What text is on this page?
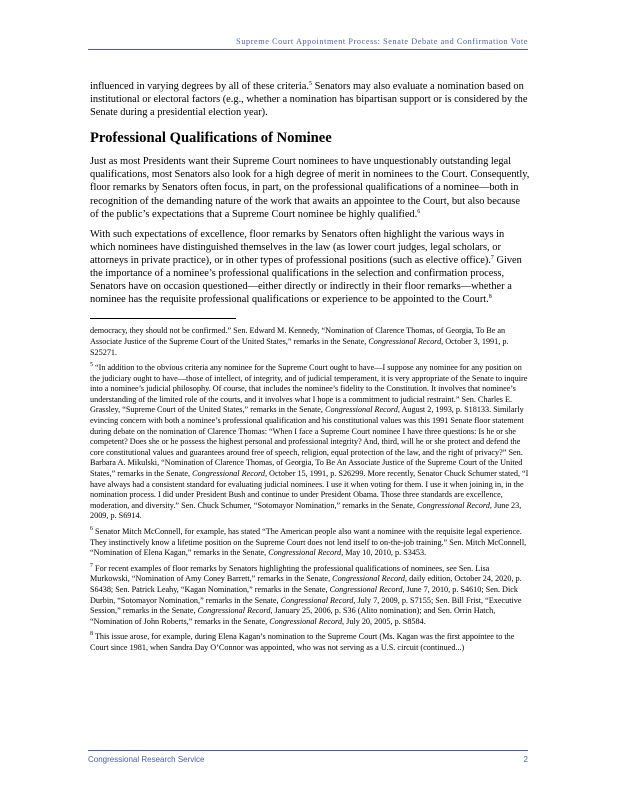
Supreme Court Appointment Process: Senate Debate and Confirmation Vote

influenced in varying degrees by all of these criteria.$^5$ Senators may also evaluate a nomination based on institutional or electoral factors (e.g., whether a nomination has bipartisan support or is considered by the Senate during a presidential election year).

Professional Qualifications of Nominee

Just as most Presidents want their Supreme Court nominees to have unquestionably outstanding legal qualifications, most Senators also look for a high degree of merit in nominees to the Court. Consequently, floor remarks by Senators often focus, in part, on the professional qualifications of a nominee—both in recognition of the demanding nature of the work that awaits an appointee to the Court, but also because of the public’s expectations that a Supreme Court nominee be highly qualified.$^6$

With such expectations of excellence, floor remarks by Senators often highlight the various ways in which nominees have distinguished themselves in the law (as lower court judges, legal scholars, or attorneys in private practice), or in other types of professional positions (such as elective office).$^7$ Given the importance of a nominee’s professional qualifications in the selection and confirmation process, Senators have on occasion questioned—either directly or indirectly in their floor remarks—whether a nominee has the requisite professional qualifications or experience to be appointed to the Court.$^8$

democracy, they should not be confirmed.” Sen. Edward M. Kennedy, “Nomination of Clarence Thomas, of Georgia, To Be an Associate Justice of the Supreme Court of the United States,” remarks in the Senate, Congressional Record, October 3, 1991, p. S25271.

$^5$ “In addition to the obvious criteria any nominee for the Supreme Court ought to have—I suppose any nominee for any position on the judiciary ought to have—those of intellect, of integrity, and of judicial temperament, it is very appropriate of the Senate to inquire into a nominee’s judicial philosophy. Of course, that includes the nominee’s fidelity to the Constitution. It involves that nominee’s understanding of the limited role of the courts, and it involves what I hope is a commitment to judicial restraint.” Sen. Charles E. Grassley, “Supreme Court of the United States,” remarks in the Senate, Congressional Record, August 2, 1993, p. S18133. Similarly evincing concern with both a nominee’s professional qualification and his constitutional values was this 1991 Senate floor statement during debate on the nomination of Clarence Thomas: “When I face a Supreme Court nominee I have three questions: Is he or she competent? Does she or he possess the highest personal and professional integrity? And, third, will he or she protect and defend the core constitutional values and guarantees around free of speech, religion, equal protection of the law, and the right of privacy?” Sen. Barbara A. Mikulski, “Nomination of Clarence Thomas, of Georgia, To Be An Associate Justice of the Supreme Court of the United States,” remarks in the Senate, Congressional Record, October 15, 1991, p. S26299. More recently, Senator Chuck Schumer stated, “I have always had a consistent standard for evaluating judicial nominees. I use it when voting for them. I use it when joining in, in the nomination process. I did under President Bush and continue to under President Obama. Those three standards are excellence, moderation, and diversity.” Sen. Chuck Schumer, “Sotomayor Nomination,” remarks in the Senate, Congressional Record, June 23, 2009, p. S6914.

$^6$ Senator Mitch McConnell, for example, has stated “The American people also want a nominee with the requisite legal experience. They instinctively know a lifetime position on the Supreme Court does not lend itself to on-the-job training.” Sen. Mitch McConnell, “Nomination of Elena Kagan,” remarks in the Senate, Congressional Record, May 10, 2010, p. S3453.

$^7$ For recent examples of floor remarks by Senators highlighting the professional qualifications of nominees, see Sen. Lisa Murkowski, “Nomination of Amy Coney Barrett,” remarks in the Senate, Congressional Record, daily edition, October 24, 2020, p. S6438; Sen. Patrick Leahy, “Kagan Nomination,” remarks in the Senate, Congressional Record, June 7, 2010, p. S4610; Sen. Dick Durbin, “Sotomayor Nomination,” remarks in the Senate, Congressional Record, July 7, 2009, p. S7155; Sen. Bill Frist, “Executive Session,” remarks in the Senate, Congressional Record, January 25, 2006, p. S36 (Alito nomination); and Sen. Orrin Hatch, “Nomination of John Roberts,” remarks in the Senate, Congressional Record, July 20, 2005, p. S8584.

$^8$ This issue arose, for example, during Elena Kagan’s nomination to the Supreme Court (Ms. Kagan was the first appointee to the Court since 1981, when Sandra Day O’Connor was appointed, who was not serving as a U.S. circuit (continued...)

Congressional Research Service	2
